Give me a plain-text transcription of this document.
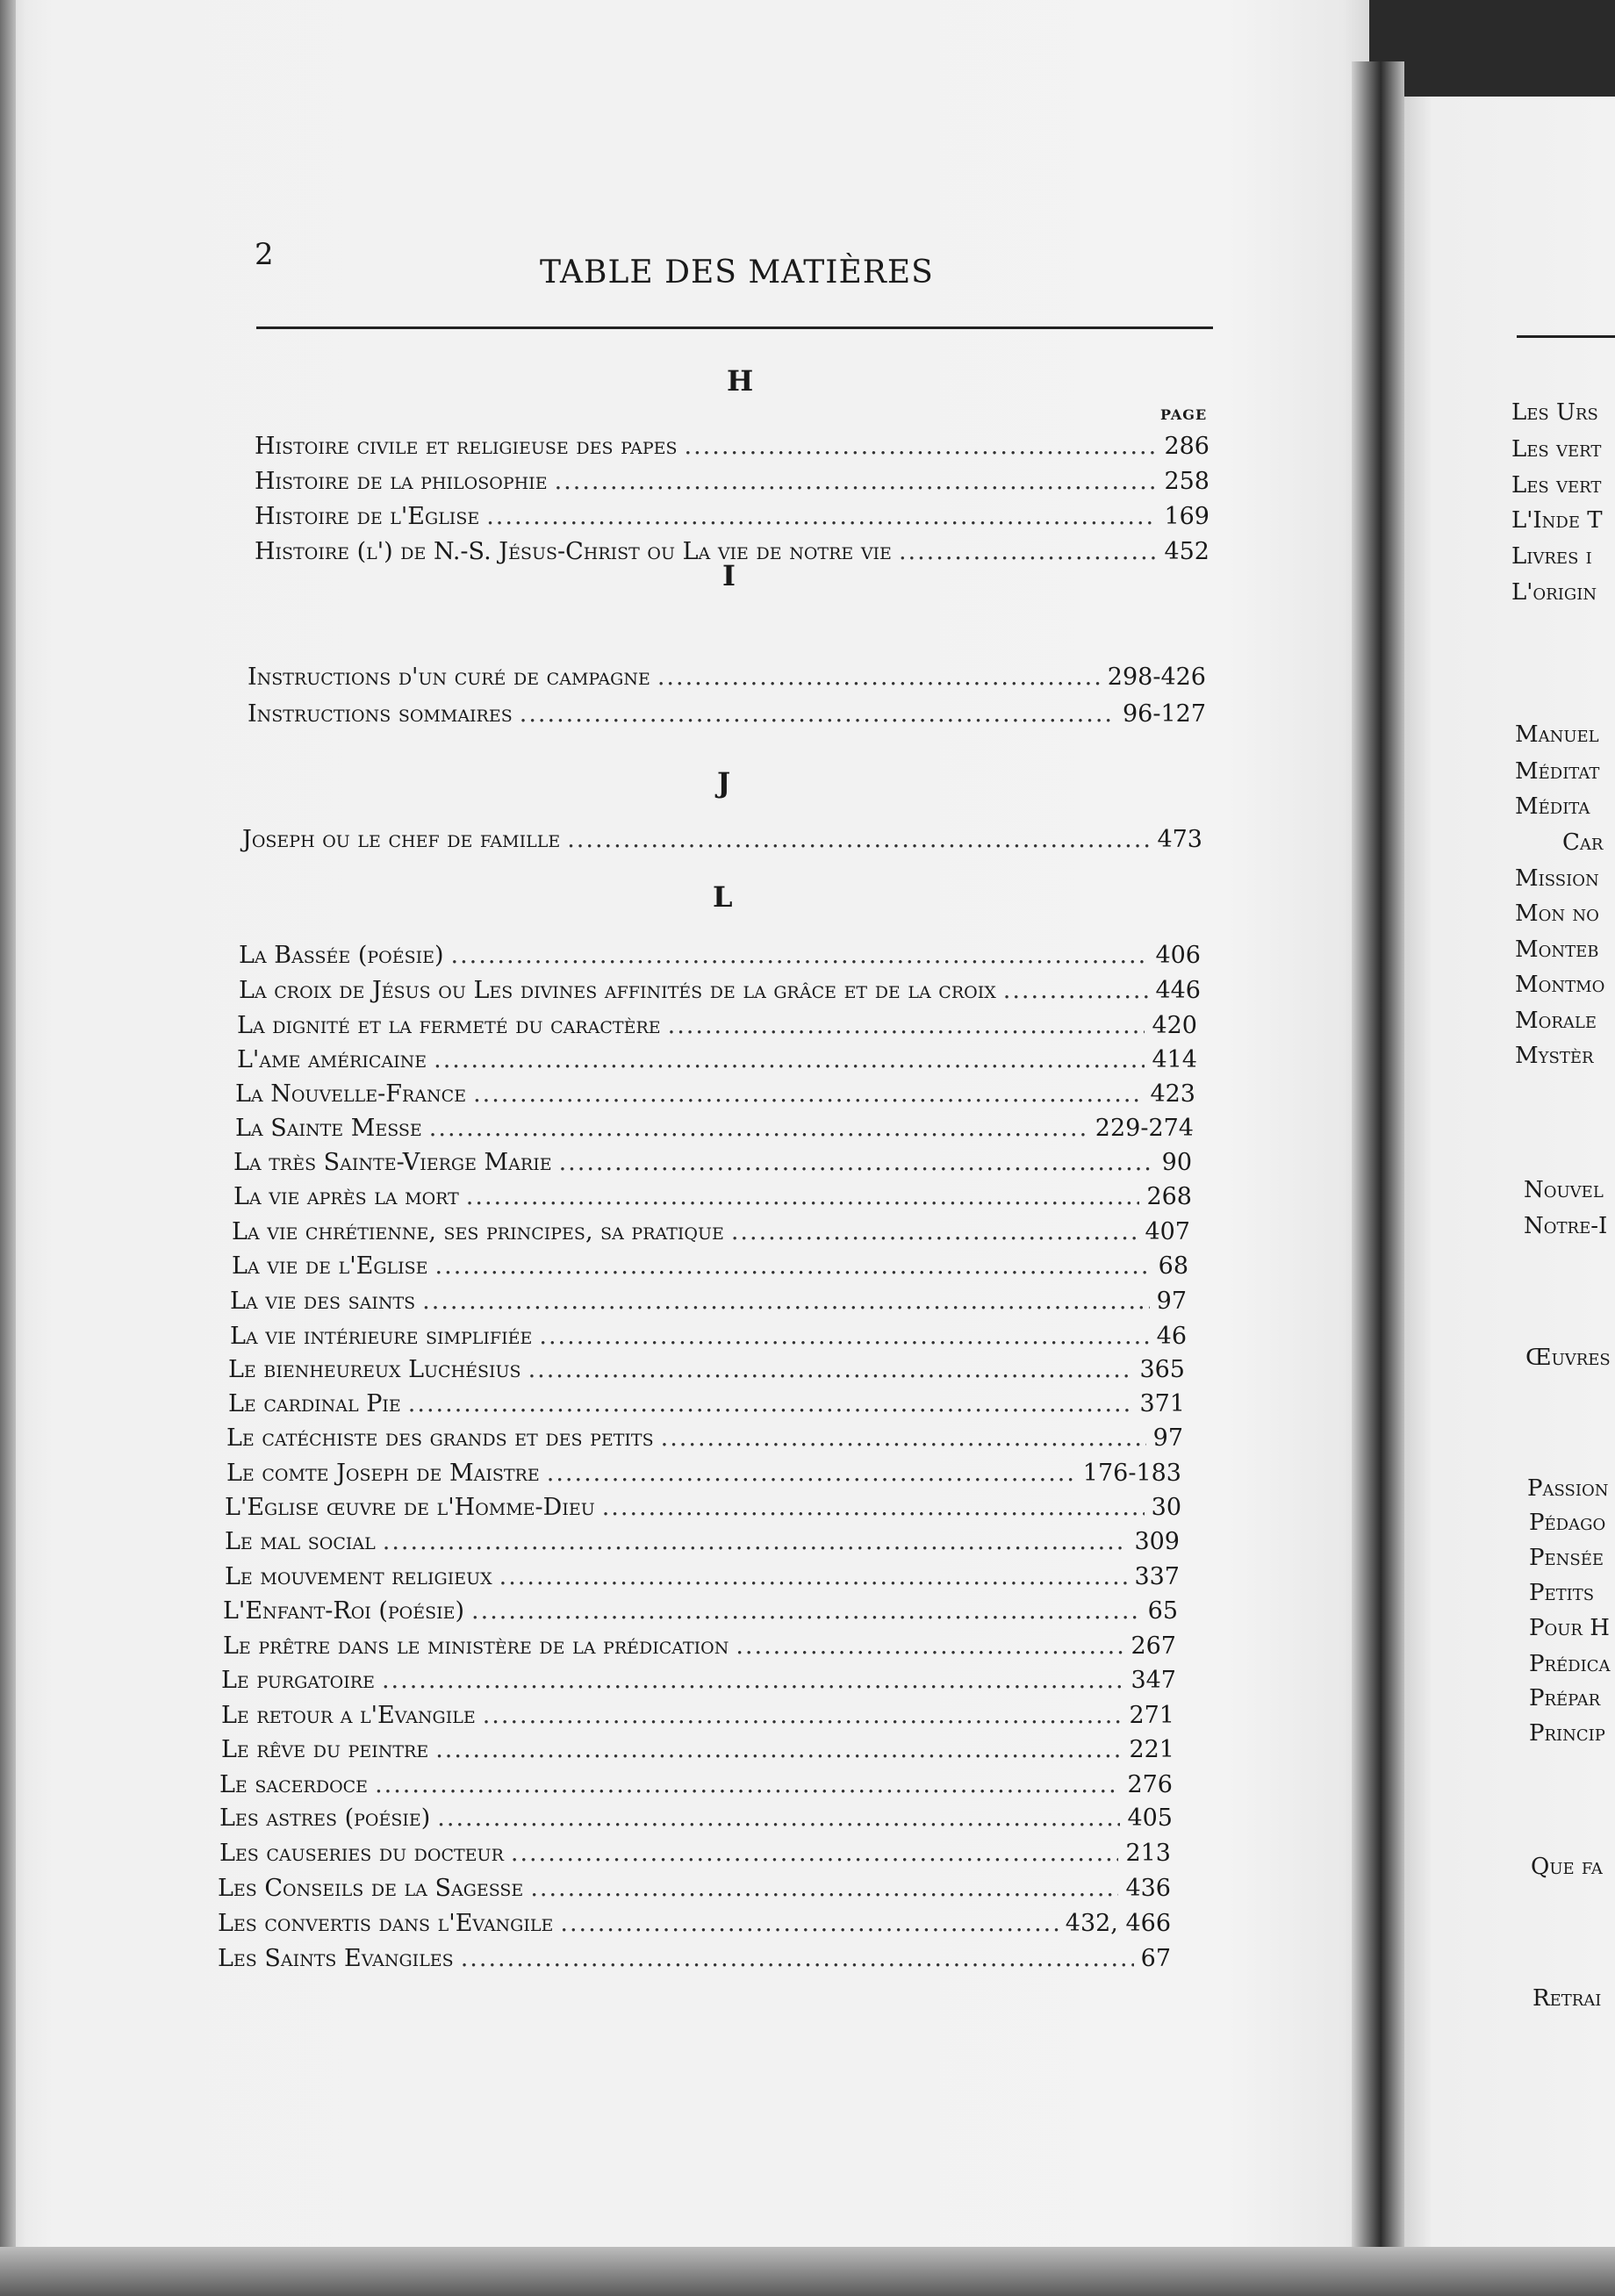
2	TABLE DES MATIÈRES
PAGE
H
Histoire civile et religieuse des papes .....	286
Histoire de la philosophie .....	258
Histoire de l'Eglise .....	169
Histoire (l') de N.-S. Jésus-Christ ou La vie de notre vie .....	452
I
Instructions d'un curé de campagne .....	298-426
Instructions sommaires .....	96-127
J
Joseph ou le chef de famille .....	473
L
La Bassée (poésie) .....	406
La croix de Jésus ou Les divines affinités de la grâce et de la croix .....	446
La dignité et la fermeté du caractère .....	420
L'ame américaine .....	414
La Nouvelle-France .....	423
La Sainte Messe .....	229-274
La très Sainte-Vierge Marie .....	90
La vie après la mort .....	268
La vie chrétienne, ses principes, sa pratique .....	407
La vie de l'Eglise .....	68
La vie des saints .....	97
La vie intérieure simplifiée .....	46
Le bienheureux Luchésius .....	365
Le cardinal Pie .....	371
Le catéchiste des grands et des petits .....	97
Le comte Joseph de Maistre .....	176-183
L'Eglise œuvre de l'Homme-Dieu .....	30
Le mal social .....	309
Le mouvement religieux .....	337
L'Enfant-Roi (poésie) .....	65
Le prêtre dans le ministère de la prédication .....	267
Le purgatoire .....	347
Le retour a l'Evangile .....	271
Le rêve du peintre .....	221
Le sacerdoce .....	276
Les astres (poésie) .....	405
Les causeries du docteur .....	213
Les Conseils de la Sagesse .....	436
Les convertis dans l'Evangile .....	432, 466
Les Saints Evangiles .....	67
Les Urs
Les vert
Les vert
L'Inde T
Livres i
L'origin
Manuel
Méditat
Médita
Car
Mission
Mon no
Monteb
Montmo
Morale
Mystèr
Nouvel
Notre-I
Œuvres
Passion
Pédago
Pensée
Petits
Pour H
Prédica
Prépar
Princip
Que fa
Retrai
